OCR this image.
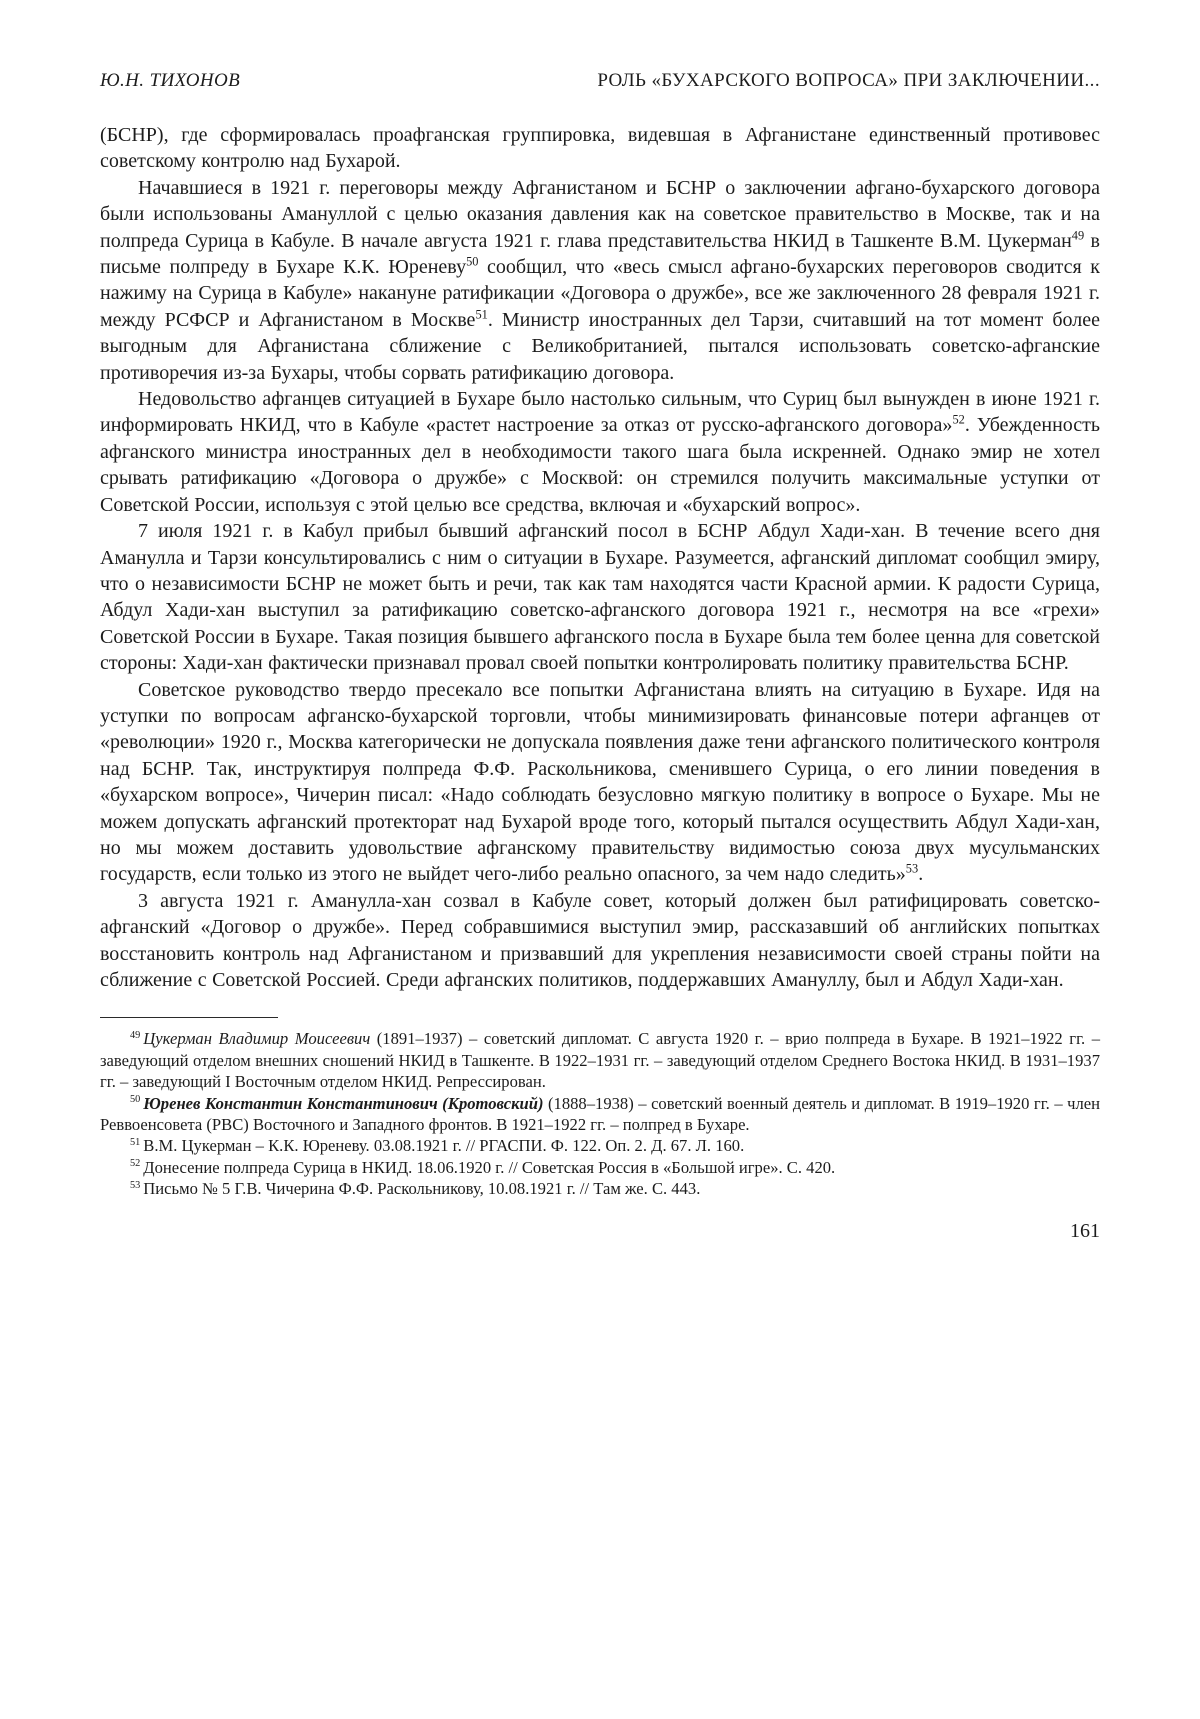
Ю.Н. ТИХОНОВ	РОЛЬ «БУХАРСКОГО ВОПРОСА» ПРИ ЗАКЛЮЧЕНИИ...

(БСНР), где сформировалась проафганская группировка, видевшая в Афганистане единственный противовес советскому контролю над Бухарой.

Начавшиеся в 1921 г. переговоры между Афганистаном и БСНР о заключении афгано-бухарского договора были использованы Амануллой с целью оказания давления как на советское правительство в Москве, так и на полпреда Сурица в Кабуле. В начале августа 1921 г. глава представительства НКИД в Ташкенте В.М. Цукерман$^{49}$ в письме полпреду в Бухаре К.К. Юреневу$^{50}$ сообщил, что «весь смысл афгано-бухарских переговоров сводится к нажиму на Сурица в Кабуле» накануне ратификации «Договора о дружбе», все же заключенного 28 февраля 1921 г. между РСФСР и Афганистаном в Москве$^{51}$. Министр иностранных дел Тарзи, считавший на тот момент более выгодным для Афганистана сближение с Великобританией, пытался использовать советско-афганские противоречия из-за Бухары, чтобы сорвать ратификацию договора.

Недовольство афганцев ситуацией в Бухаре было настолько сильным, что Суриц был вынужден в июне 1921 г. информировать НКИД, что в Кабуле «растет настроение за отказ от русско-афганского договора»$^{52}$. Убежденность афганского министра иностранных дел в необходимости такого шага была искренней. Однако эмир не хотел срывать ратификацию «Договора о дружбе» с Москвой: он стремился получить максимальные уступки от Советской России, используя с этой целью все средства, включая и «бухарский вопрос».

7 июля 1921 г. в Кабул прибыл бывший афганский посол в БСНР Абдул Хади-хан. В течение всего дня Аманулла и Тарзи консультировались с ним о ситуации в Бухаре. Разумеется, афганский дипломат сообщил эмиру, что о независимости БСНР не может быть и речи, так как там находятся части Красной армии. К радости Сурица, Абдул Хади-хан выступил за ратификацию советско-афганского договора 1921 г., несмотря на все «грехи» Советской России в Бухаре. Такая позиция бывшего афганского посла в Бухаре была тем более ценна для советской стороны: Хади-хан фактически признавал провал своей попытки контролировать политику правительства БСНР.

Советское руководство твердо пресекало все попытки Афганистана влиять на ситуацию в Бухаре. Идя на уступки по вопросам афганско-бухарской торговли, чтобы минимизировать финансовые потери афганцев от «революции» 1920 г., Москва категорически не допускала появления даже тени афганского политического контроля над БСНР. Так, инструктируя полпреда Ф.Ф. Раскольникова, сменившего Сурица, о его линии поведения в «бухарском вопросе», Чичерин писал: «Надо соблюдать безусловно мягкую политику в вопросе о Бухаре. Мы не можем допускать афганский протекторат над Бухарой вроде того, который пытался осуществить Абдул Хади-хан, но мы можем доставить удовольствие афганскому правительству видимостью союза двух мусульманских государств, если только из этого не выйдет чего-либо реально опасного, за чем надо следить»$^{53}$.

3 августа 1921 г. Аманулла-хан созвал в Кабуле совет, который должен был ратифицировать советско-афганский «Договор о дружбе». Перед собравшимися выступил эмир, рассказавший об английских попытках восстановить контроль над Афганистаном и призвавший для укрепления независимости своей страны пойти на сближение с Советской Россией. Среди афганских политиков, поддержавших Амануллу, был и Абдул Хади-хан.

$^{49}$ Цукерман Владимир Моисеевич (1891–1937) – советский дипломат. С августа 1920 г. – врио полпреда в Бухаре. В 1921–1922 гг. – заведующий отделом внешних сношений НКИД в Ташкенте. В 1922–1931 гг. – заведующий отделом Среднего Востока НКИД. В 1931–1937 гг. – заведующий I Восточным отделом НКИД. Репрессирован.

$^{50}$ Юренев Константин Константинович (Кротовский) (1888–1938) – советский военный деятель и дипломат. В 1919–1920 гг. – член Реввоенсовета (РВС) Восточного и Западного фронтов. В 1921–1922 гг. – полпред в Бухаре.

$^{51}$ В.М. Цукерман – К.К. Юреневу. 03.08.1921 г. // РГАСПИ. Ф. 122. Оп. 2. Д. 67. Л. 160.

$^{52}$ Донесение полпреда Сурица в НКИД. 18.06.1920 г. // Советская Россия в «Большой игре». С. 420.

$^{53}$ Письмо № 5 Г.В. Чичерина Ф.Ф. Раскольникову, 10.08.1921 г. // Там же. С. 443.

161
